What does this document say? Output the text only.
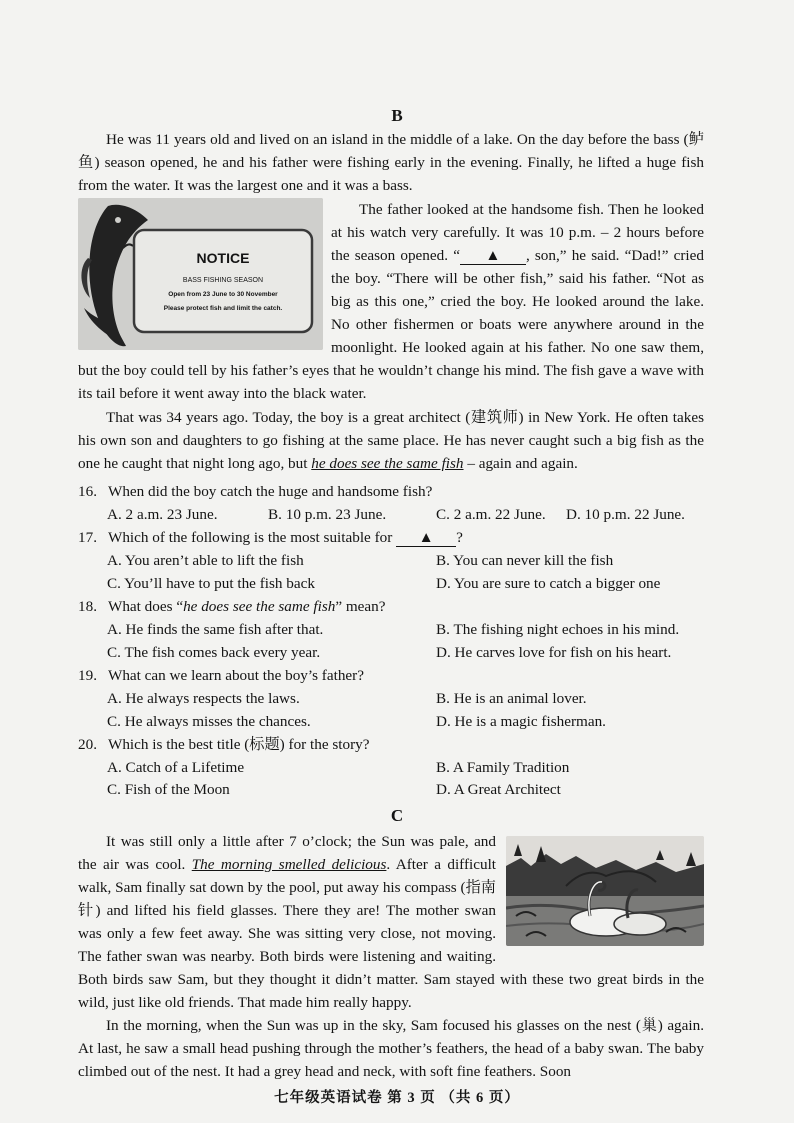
B

He was 11 years old and lived on an island in the middle of a lake. On the day before the bass (鲈鱼) season opened, he and his father were fishing early in the evening. Finally, he lifted a huge fish from the water. It was the largest one and it was a bass.

NOTICE
BASS FISHING SEASON
Open from 23 June to 30 November
Please protect fish and limit the catch.
The father looked at the handsome fish. Then he looked at his watch very carefully. It was 10 p.m. – 2 hours before the season opened. “ ▲ , son,” he said. “Dad!” cried the boy. “There will be other fish,” said his father. “Not as big as this one,” cried the boy. He looked around the lake. No other fishermen or boats were anywhere around in the moonlight. He looked again at his father. No one saw them, but the boy could tell by his father’s eyes that he wouldn’t change his mind. The fish gave a wave with its tail before it went away into the black water.

That was 34 years ago. Today, the boy is a great architect (建筑师) in New York. He often takes his own son and daughters to go fishing at the same place. He has never caught such a big fish as the one he caught that night long ago, but he does see the same fish – again and again.

16. When did the boy catch the huge and handsome fish?
A. 2 a.m. 23 June.	B. 10 p.m. 23 June.	C. 2 a.m. 22 June. D. 10 p.m. 22 June.
17. Which of the following is the most suitable for ▲ ?
A. You aren’t able to lift the fish	B. You can never kill the fish
C. You’ll have to put the fish back	D. You are sure to catch a bigger one
18. What does “he does see the same fish” mean?
A. He finds the same fish after that.	B. The fishing night echoes in his mind.
C. The fish comes back every year.	D. He carves love for fish on his heart.
19. What can we learn about the boy’s father?
A. He always respects the laws.	B. He is an animal lover.
C. He always misses the chances.	D. He is a magic fisherman.
20. Which is the best title (标题) for the story?
A. Catch of a Lifetime	B. A Family Tradition
C. Fish of the Moon	D. A Great Architect
C
It was still only a little after 7 o’clock; the Sun was pale, and the air was cool. The morning smelled delicious. After a difficult walk, Sam finally sat down by the pool, put away his compass (指南针) and lifted his field glasses. There they are! The mother swan was only a few feet away. She was sitting very close, not moving. The father swan was nearby. Both birds were listening and waiting. Both birds saw Sam, but they thought it didn’t matter. Sam stayed with these two great birds in the wild, just like old friends. That made him really happy.

In the morning, when the Sun was up in the sky, Sam focused his glasses on the nest (巢) again. At last, he saw a small head pushing through the mother’s feathers, the head of a baby swan. The baby climbed out of the nest. It had a grey head and neck, with soft fine feathers. Soon

七年级英语试卷 第 3 页 （共 6 页）
